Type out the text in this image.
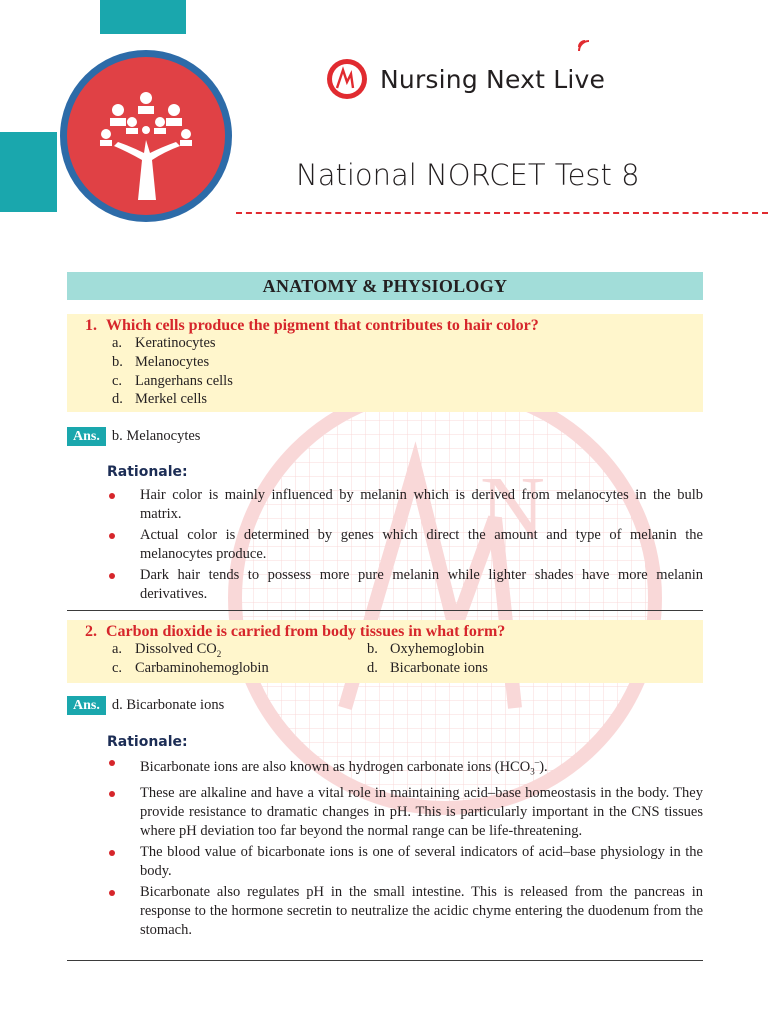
Nursing Next Liv
e
National NORCET Test 8
N
ANATOMY & PHYSIOLOGY
1. Which cells produce the pigment that contributes to hair color?
a. Keratinocytes
b. Melanocytes
c. Langerhans cells
d. Merkel cells
Ans. b. Melanocytes
Rationale:
Hair color is mainly influenced by melanin which is derived from melanocytes in the bulb matrix.
Actual color is determined by genes which direct the amount and type of melanin the melanocytes produce.
Dark hair tends to possess more pure melanin while lighter shades have more melanin derivatives.
2. Carbon dioxide is carried from body tissues in what form?
a. Dissolved $CO_2$	b. Oxyhemoglobin
c. Carbaminohemoglobin	d. Bicarbonate ions
Ans. d. Bicarbonate ions
Rationale:
Bicarbonate ions are also known as hydrogen carbonate ions $(HCO_3^-)$.
These are alkaline and have a vital role in maintaining acid–base homeostasis in the body. They provide resistance to dramatic changes in pH. This is particularly important in the CNS tissues where pH deviation too far beyond the normal range can be life-threatening.
The blood value of bicarbonate ions is one of several indicators of acid–base physiology in the body.
Bicarbonate also regulates pH in the small intestine. This is released from the pancreas in response to the hormone secretin to neutralize the acidic chyme entering the duodenum from the stomach.
